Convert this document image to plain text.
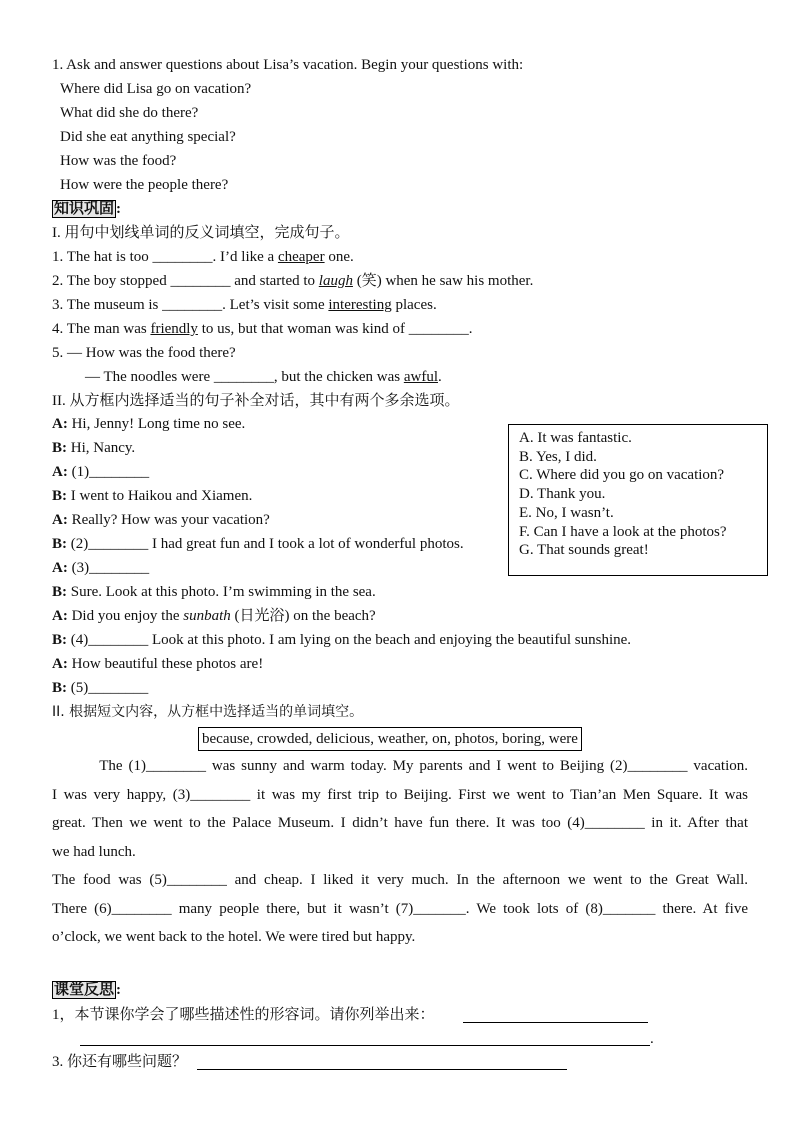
1. Ask and answer questions about Lisa’s vacation. Begin your questions with:
Where did Lisa go on vacation?
What did she do there?
Did she eat anything special?
How was the food?
How were the people there?
知识巩固 :
I. 用句中划线单词的反义词填空，完成句子。
1. The hat is too ________. I’d like a cheaper one.
2. The boy stopped ________ and started to laugh (笑) when he saw his mother.
3. The museum is ________. Let’s visit some interesting places.
4. The man was friendly to us, but that woman was kind of ________.
5. — How was the food there?
— The noodles were ________, but the chicken was awful.
II. 从方框内选择适当的句子补全对话，其中有两个多余选项。
A: Hi, Jenny! Long time no see.
B: Hi, Nancy.
A: (1)________
B: I went to Haikou and Xiamen.
A: Really? How was your vacation?
B: (2)________ I had great fun and I took a lot of wonderful photos.
A: (3)________
B: Sure. Look at this photo. I’m swimming in the sea.
A: Did you enjoy the sunbath (日光浴) on the beach?
B: (4)________ Look at this photo. I am lying on the beach and enjoying the beautiful sunshine.
A: How beautiful these photos are!
B: (5)________
A. It was fantastic.
B. Yes, I did.
C. Where did you go on vacation?
D. Thank you.
E. No, I wasn’t.
F. Can I have a look at the photos?
G. That sounds great!
II. 根据短文内容，从方框中选择适当的单词填空。
because, crowded, delicious, weather, on, photos, boring, were
The (1)________ was sunny and warm today. My parents and I went to Beijing (2)________ vacation.
I was very happy, (3)________ it was my first trip to Beijing. First we went to Tian’an Men Square. It was
great. Then we went to the Palace Museum. I didn’t have fun there. It was too (4)________ in it. After that
we had lunch.
The food was (5)________ and cheap. I liked it very much. In the afternoon we went to the Great Wall.
There (6)________ many people there, but it wasn’t (7)_______. We took lots of (8)_______ there. At five
o’clock, we went back to the hotel. We were tired but happy.
课堂反思 :
1，本节课你学会了哪些描述性的形容词。请你列举出来：
.
3. 你还有哪些问题？
